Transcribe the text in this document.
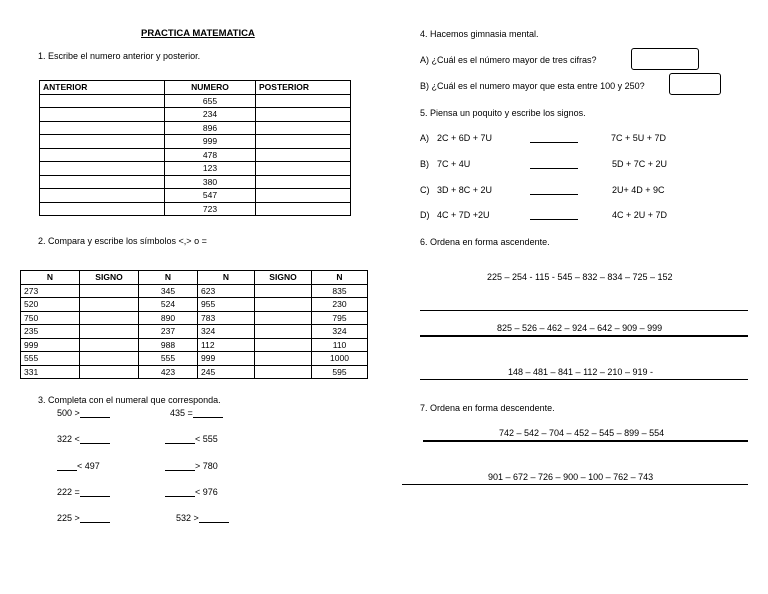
PRACTICA MATEMATICA
1. Escribe el numero anterior y posterior.
ANTERIOR	NUMERO	POSTERIOR
	655	
	234	
	896	
	999	
	478	
	123	
	380	
	547	
	723	
2. Compara y escribe los símbolos <,> o =
N	SIGNO	N	N	SIGNO	N
273		345	623		835
520		524	955		230
750		890	783		795
235		237	324		324
999		988	112		110
555		555	999		1000
331		423	245		595
3. Completa con el numeral que corresponda.
500 >	435 =
322 <	< 555
< 497	> 780
222 =	< 976
225 >	532 >
4. Hacemos gimnasia mental.
A) ¿Cuál es el número mayor de tres cifras?
B) ¿Cuál es el numero mayor que esta entre 100 y 250?
5. Piensa un poquito y escribe los signos.
A) 2C + 6D + 7U	7C + 5U + 7D
B) 7C + 4U	5D + 7C + 2U
C) 3D + 8C + 2U	2U+ 4D + 9C
D) 4C + 7D +2U	4C + 2U + 7D
6. Ordena en forma ascendente.
225 – 254 - 115 - 545 – 832 – 834 – 725 – 152
825 – 526 – 462 – 924 – 642 – 909 – 999
148 – 481 – 841 – 112 – 210 – 919 -
7. Ordena en forma descendente.
742 – 542 – 704 – 452 – 545 – 899 – 554
901 – 672 – 726 – 900 – 100 – 762 – 743
